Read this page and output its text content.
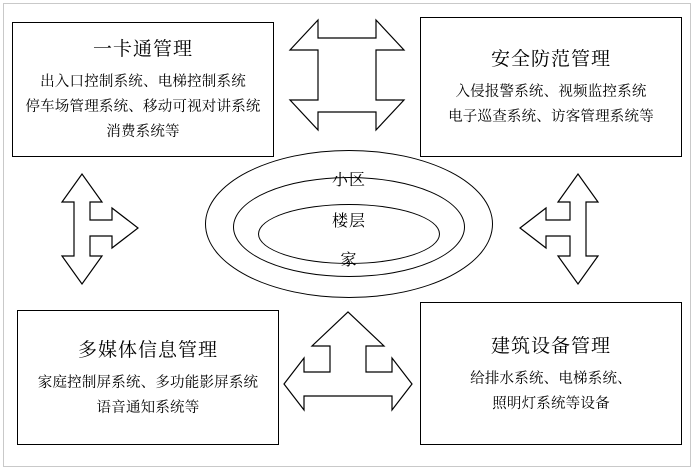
一卡通管理
出入口控制系统、电梯控制系统
停车场管理系统、移动可视对讲系统
消费系统等
安全防范管理
入侵报警系统、视频监控系统
电子巡查系统、访客管理系统等
多媒体信息管理
家庭控制屏系统、多功能影屏系统
语音通知系统等
建筑设备管理
给排水系统、电梯系统、
照明灯系统等设备
小区
楼层
家
